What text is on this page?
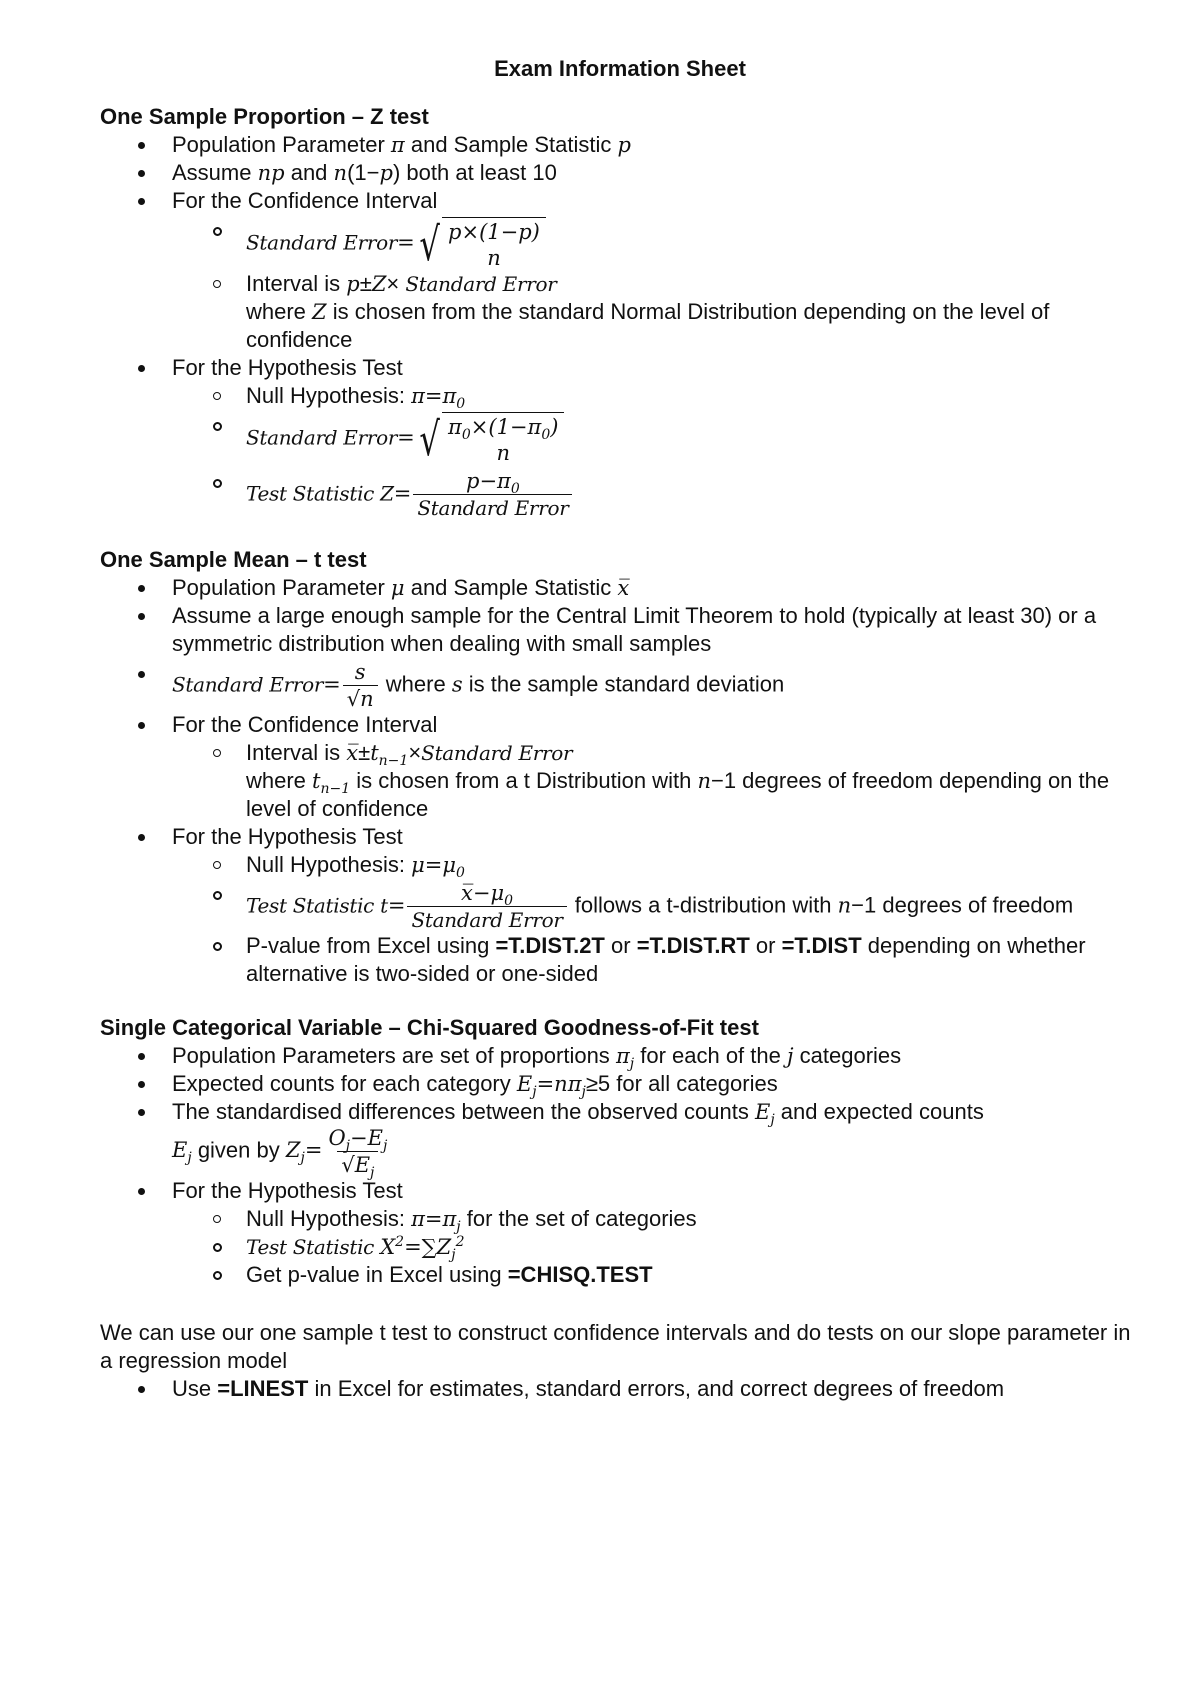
Exam Information Sheet
One Sample Proportion – Z test
Population Parameter π and Sample Statistic p
Assume np and n(1−p) both at least 10
For the Confidence Interval
Standard Error= √ p×(1−p)
n
Interval is p±Z× Standard Error
where Z is chosen from the standard Normal Distribution depending on the level of confidence
For the Hypothesis Test
Null Hypothesis: $\pi=\pi_0$
Standard Error= √ $\pi_0\times(1-\pi_0)$
n
Test Statistic $Z= \frac{p-\pi_0}{\text{Standard Error}}$
One Sample Mean – t test
Population Parameter μ and Sample Statistic x̅
Assume a large enough sample for the Central Limit Theorem to hold (typically at least 30) or a symmetric distribution when dealing with small samples
Standard Error= $\frac{s}{√n}$ where s is the sample standard deviation
For the Confidence Interval
Interval is $x̅\pm t_{n-1}\times Standard$ Error
where $t_{n-1}$ is chosen from a t Distribution with n−1 degrees of freedom depending on the level of confidence
For the Hypothesis Test
Null Hypothesis: $\mu=\mu_0$
Test Statistic $t= \frac{x̅-\mu_0}{\text{Standard Error}}$ follows a t-distribution with n−1 degrees of freedom
P-value from Excel using =T.DIST.2T or =T.DIST.RT or =T.DIST depending on whether alternative is two-sided or one-sided
Single Categorical Variable – Chi-Squared Goodness-of-Fit test
Population Parameters are set of proportions $\pi_j$ for each of the j categories
Expected counts for each category $E_j=n\pi_j\ge 5$ for all categories
The standardised differences between the observed counts $E_j$ and expected counts
$E_j$ given by $Z_j= \frac{O_j-E_j}{√E_j}$
For the Hypothesis Test
Null Hypothesis: $\pi=\pi_j$ for the set of categories
Test Statistic $X^2=\sum Z_j^2$
Get p-value in Excel using =CHISQ.TEST
We can use our one sample t test to construct confidence intervals and do tests on our slope parameter in a regression model
Use =LINEST in Excel for estimates, standard errors, and correct degrees of freedom
